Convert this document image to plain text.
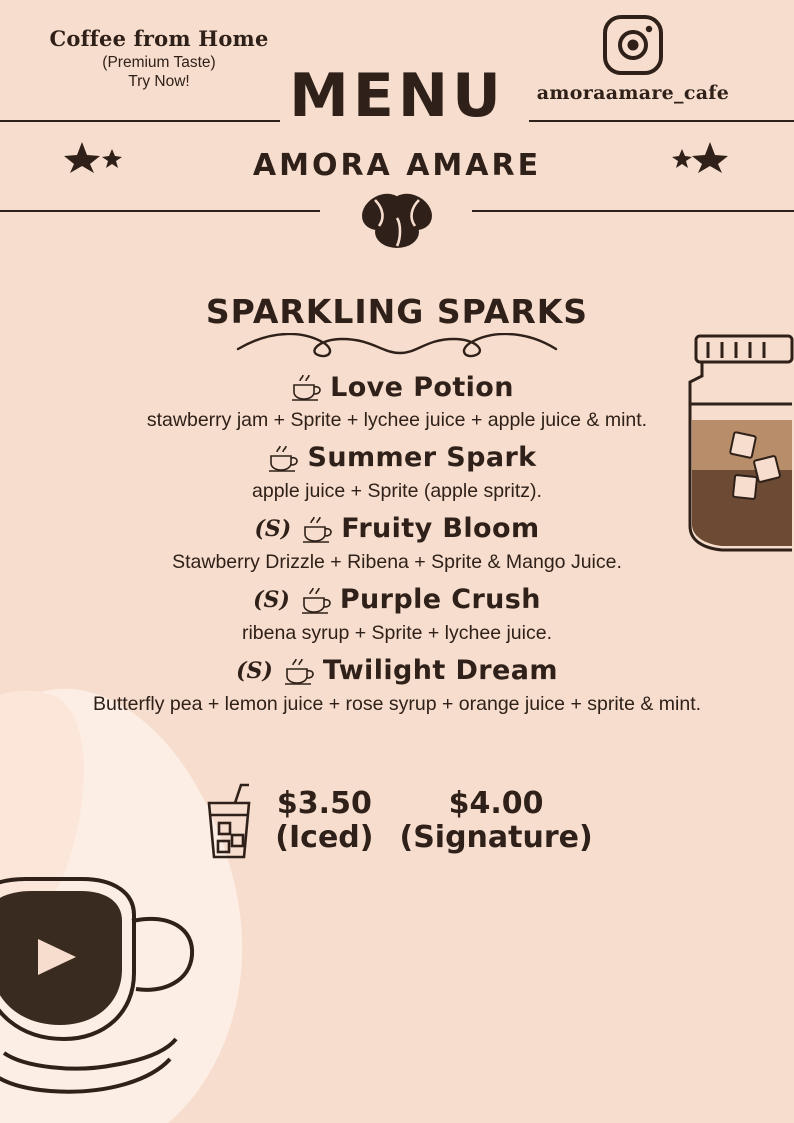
Coffee from Home
(Premium Taste)
Try Now!
amoraamare_cafe
MENU
AMORA AMARE
SPARKLING SPARKS
Love Potion
stawberry jam + Sprite + lychee juice + apple juice & mint.
Summer Spark
apple juice + Sprite (apple spritz).
(S) Fruity Bloom
Stawberry Drizzle + Ribena + Sprite & Mango Juice.
(S) Purple Crush
ribena syrup + Sprite + lychee juice.
(S) Twilight Dream
Butterfly pea + lemon juice + rose syrup + orange juice + sprite & mint.
$3.50
(Iced)
$4.00
(Signature)
